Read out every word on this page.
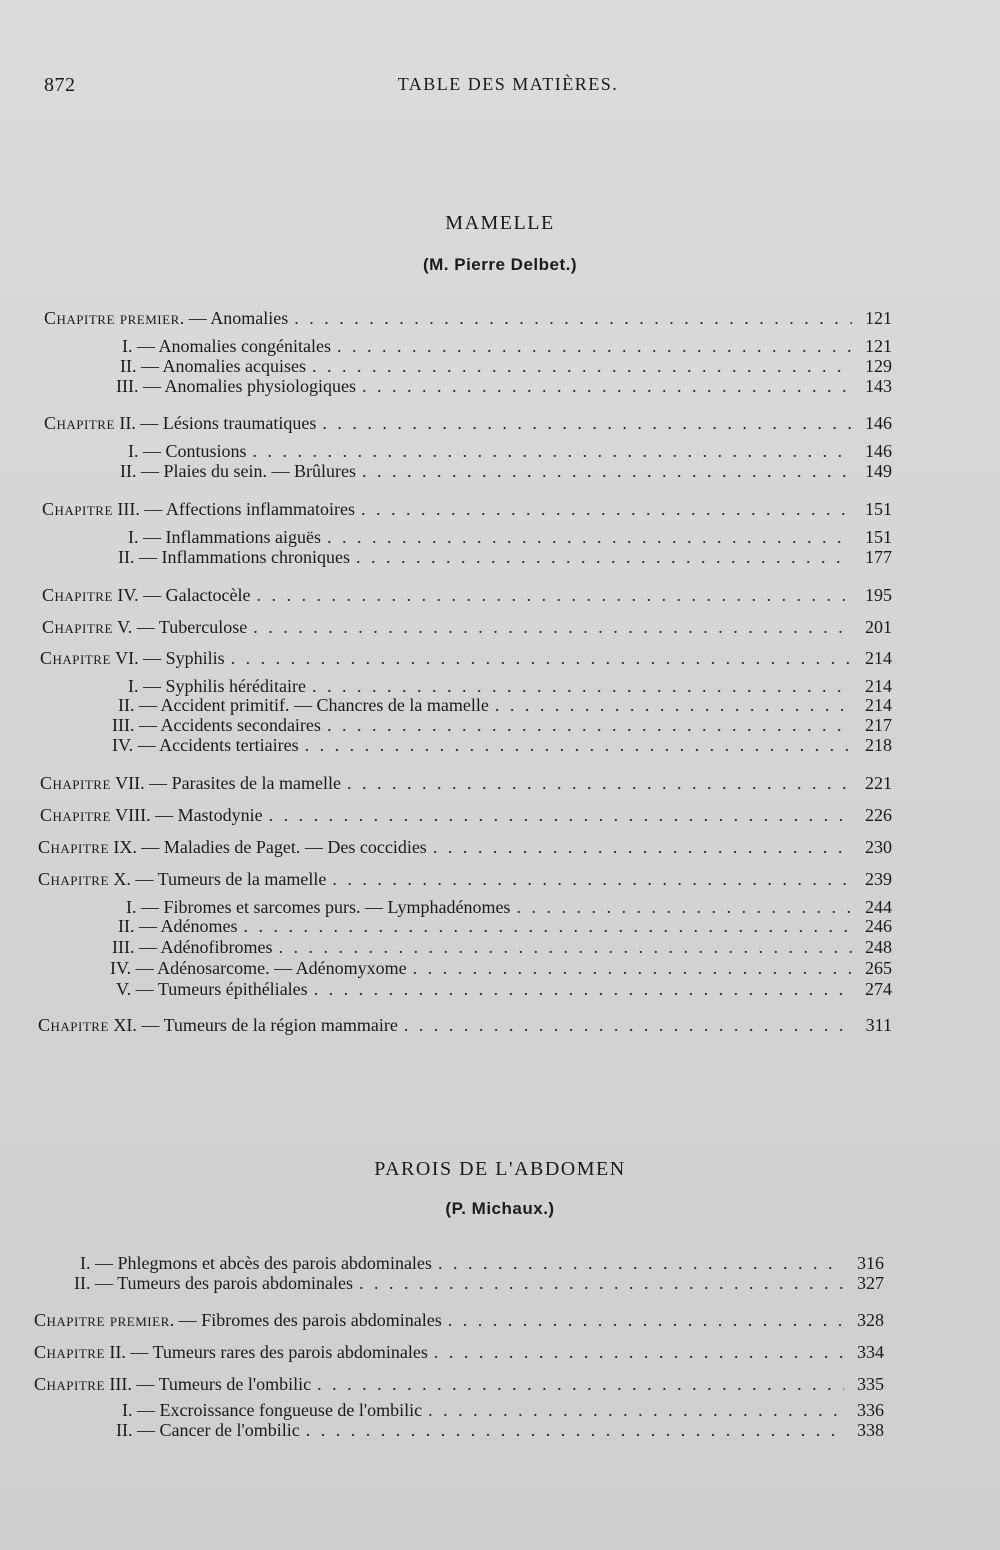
872	TABLE DES MATIÈRES.
MAMELLE
(M. Pierre Delbet.)
Chapitre premier. — Anomalies . . .	121
I. — Anomalies congénitales . . .	121
II. — Anomalies acquises . . .	129
III. — Anomalies physiologiques . . .	143
Chapitre II. — Lésions traumatiques . . .	146
I. — Contusions . . .	146
II. — Plaies du sein. — Brûlures . . .	149
Chapitre III. — Affections inflammatoires . . .	151
I. — Inflammations aiguës . . .	151
II. — Inflammations chroniques . . .	177
Chapitre IV. — Galactocèle . . .	195
Chapitre V. — Tuberculose . . .	201
Chapitre VI. — Syphilis . . .	214
I. — Syphilis héréditaire . . .	214
II. — Accident primitif. — Chancres de la mamelle . . .	214
III. — Accidents secondaires . . .	217
IV. — Accidents tertiaires . . .	218
Chapitre VII. — Parasites de la mamelle . . .	221
Chapitre VIII. — Mastodynie . . .	226
Chapitre IX. — Maladies de Paget. — Des coccidies . . .	230
Chapitre X. — Tumeurs de la mamelle . . .	239
I. — Fibromes et sarcomes purs. — Lymphadénomes . . .	244
II. — Adénomes . . .	246
III. — Adénofibromes . . .	248
IV. — Adénosarcome. — Adénomyxome . . .	265
V. — Tumeurs épithéliales . . .	274
Chapitre XI. — Tumeurs de la région mammaire . . .	311
PAROIS DE L'ABDOMEN
(P. Michaux.)
I. — Phlegmons et abcès des parois abdominales . . .	316
II. — Tumeurs des parois abdominales . . .	327
Chapitre premier. — Fibromes des parois abdominales . . .	328
Chapitre II. — Tumeurs rares des parois abdominales . . .	334
Chapitre III. — Tumeurs de l'ombilic . . .	335
I. — Excroissance fongueuse de l'ombilic . . .	336
II. — Cancer de l'ombilic . . .	338
